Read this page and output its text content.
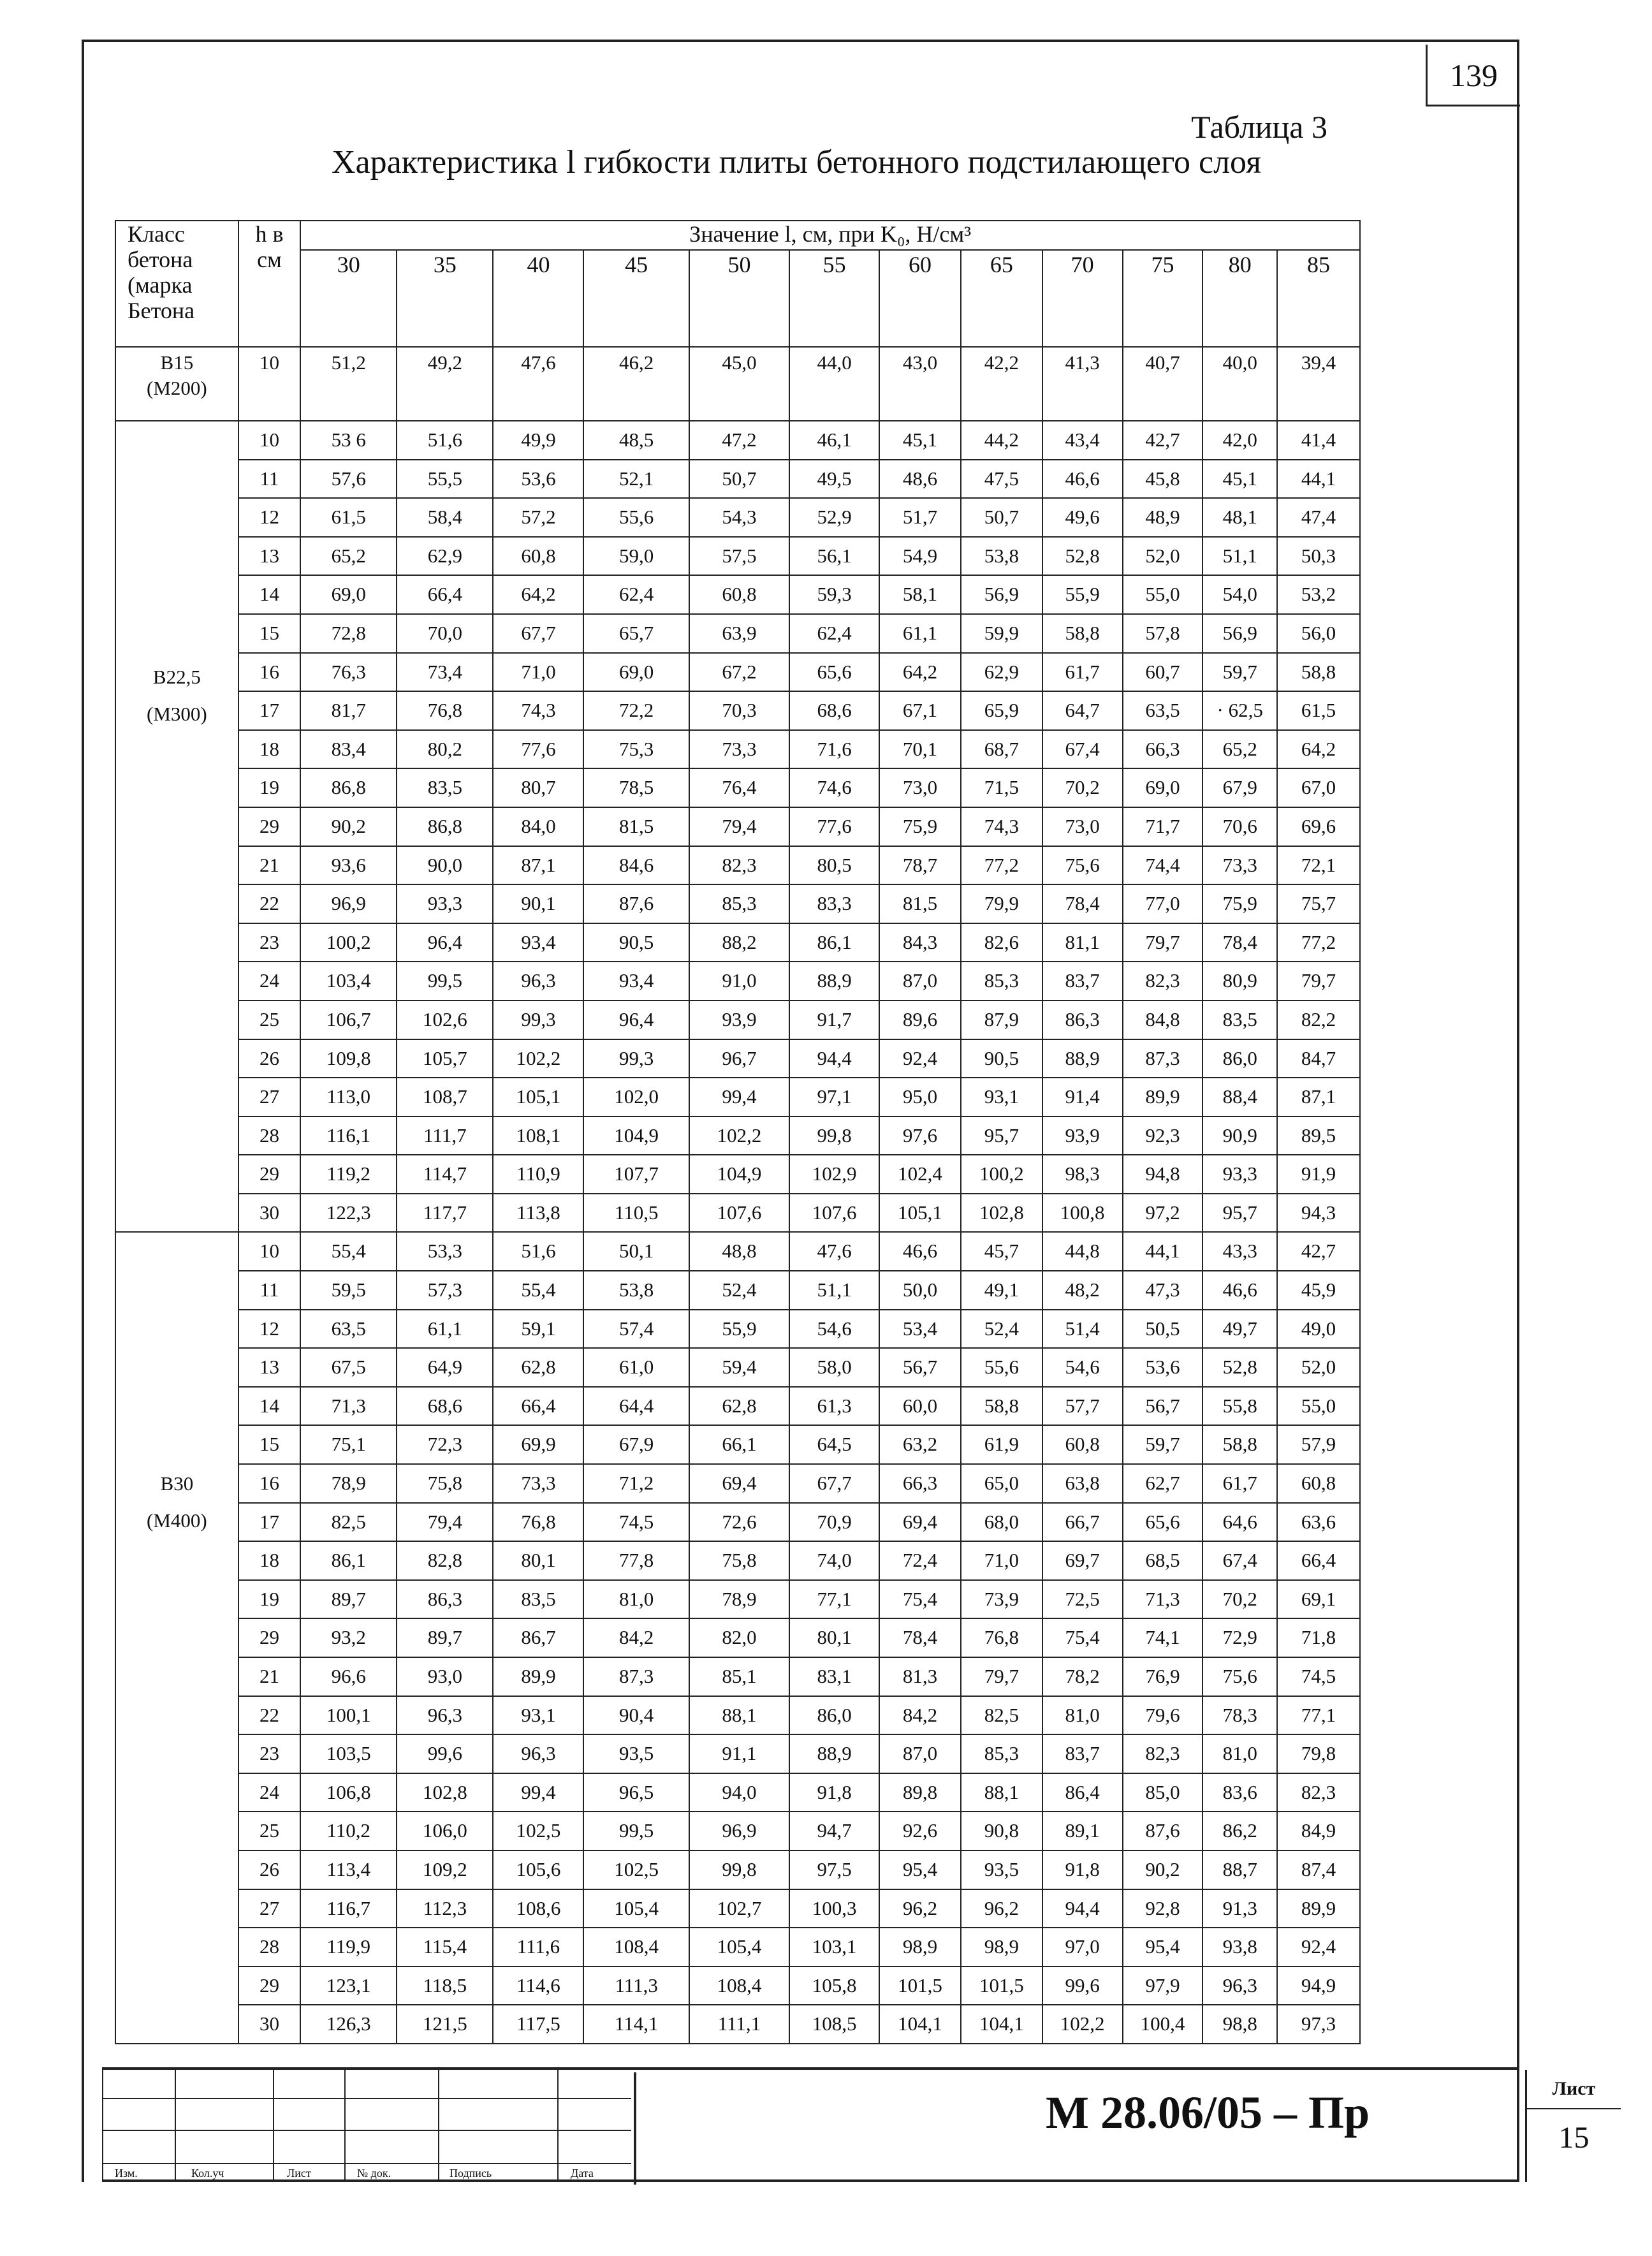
139
Таблица 3
Характеристика l гибкости плиты бетонного подстилающего слоя
Класс
бетона
(марка
Бетона	h в
см	Значение l, см, при K₀, Н/см³											
		30	35	40	45	50	55	60	65	70	75	80	85

В15
(М200)	10	51,2	49,2	47,6	46,2	45,0	44,0	43,0	42,2	41,3	40,7	40,0	39,4

В22,5
(М300)	10	53 6	51,6	49,9	48,5	47,2	46,1	45,1	44,2	43,4	42,7	42,0	41,4
	11	57,6	55,5	53,6	52,1	50,7	49,5	48,6	47,5	46,6	45,8	45,1	44,1
	12	61,5	58,4	57,2	55,6	54,3	52,9	51,7	50,7	49,6	48,9	48,1	47,4
	13	65,2	62,9	60,8	59,0	57,5	56,1	54,9	53,8	52,8	52,0	51,1	50,3
	14	69,0	66,4	64,2	62,4	60,8	59,3	58,1	56,9	55,9	55,0	54,0	53,2
	15	72,8	70,0	67,7	65,7	63,9	62,4	61,1	59,9	58,8	57,8	56,9	56,0
	16	76,3	73,4	71,0	69,0	67,2	65,6	64,2	62,9	61,7	60,7	59,7	58,8
	17	81,7	76,8	74,3	72,2	70,3	68,6	67,1	65,9	64,7	63,5	· 62,5	61,5
	18	83,4	80,2	77,6	75,3	73,3	71,6	70,1	68,7	67,4	66,3	65,2	64,2
	19	86,8	83,5	80,7	78,5	76,4	74,6	73,0	71,5	70,2	69,0	67,9	67,0
	29	90,2	86,8	84,0	81,5	79,4	77,6	75,9	74,3	73,0	71,7	70,6	69,6
	21	93,6	90,0	87,1	84,6	82,3	80,5	78,7	77,2	75,6	74,4	73,3	72,1
	22	96,9	93,3	90,1	87,6	85,3	83,3	81,5	79,9	78,4	77,0	75,9	75,7
	23	100,2	96,4	93,4	90,5	88,2	86,1	84,3	82,6	81,1	79,7	78,4	77,2
	24	103,4	99,5	96,3	93,4	91,0	88,9	87,0	85,3	83,7	82,3	80,9	79,7
	25	106,7	102,6	99,3	96,4	93,9	91,7	89,6	87,9	86,3	84,8	83,5	82,2
	26	109,8	105,7	102,2	99,3	96,7	94,4	92,4	90,5	88,9	87,3	86,0	84,7
	27	113,0	108,7	105,1	102,0	99,4	97,1	95,0	93,1	91,4	89,9	88,4	87,1
	28	116,1	111,7	108,1	104,9	102,2	99,8	97,6	95,7	93,9	92,3	90,9	89,5
	29	119,2	114,7	110,9	107,7	104,9	102,9	102,4	100,2	98,3	94,8	93,3	91,9
	30	122,3	117,7	113,8	110,5	107,6	107,6	105,1	102,8	100,8	97,2	95,7	94,3

В30
(М400)	10	55,4	53,3	51,6	50,1	48,8	47,6	46,6	45,7	44,8	44,1	43,3	42,7
	11	59,5	57,3	55,4	53,8	52,4	51,1	50,0	49,1	48,2	47,3	46,6	45,9
	12	63,5	61,1	59,1	57,4	55,9	54,6	53,4	52,4	51,4	50,5	49,7	49,0
	13	67,5	64,9	62,8	61,0	59,4	58,0	56,7	55,6	54,6	53,6	52,8	52,0
	14	71,3	68,6	66,4	64,4	62,8	61,3	60,0	58,8	57,7	56,7	55,8	55,0
	15	75,1	72,3	69,9	67,9	66,1	64,5	63,2	61,9	60,8	59,7	58,8	57,9
	16	78,9	75,8	73,3	71,2	69,4	67,7	66,3	65,0	63,8	62,7	61,7	60,8
	17	82,5	79,4	76,8	74,5	72,6	70,9	69,4	68,0	66,7	65,6	64,6	63,6
	18	86,1	82,8	80,1	77,8	75,8	74,0	72,4	71,0	69,7	68,5	67,4	66,4
	19	89,7	86,3	83,5	81,0	78,9	77,1	75,4	73,9	72,5	71,3	70,2	69,1
	29	93,2	89,7	86,7	84,2	82,0	80,1	78,4	76,8	75,4	74,1	72,9	71,8
	21	96,6	93,0	89,9	87,3	85,1	83,1	81,3	79,7	78,2	76,9	75,6	74,5
	22	100,1	96,3	93,1	90,4	88,1	86,0	84,2	82,5	81,0	79,6	78,3	77,1
	23	103,5	99,6	96,3	93,5	91,1	88,9	87,0	85,3	83,7	82,3	81,0	79,8
	24	106,8	102,8	99,4	96,5	94,0	91,8	89,8	88,1	86,4	85,0	83,6	82,3
	25	110,2	106,0	102,5	99,5	96,9	94,7	92,6	90,8	89,1	87,6	86,2	84,9
	26	113,4	109,2	105,6	102,5	99,8	97,5	95,4	93,5	91,8	90,2	88,7	87,4
	27	116,7	112,3	108,6	105,4	102,7	100,3	96,2	96,2	94,4	92,8	91,3	89,9
	28	119,9	115,4	111,6	108,4	105,4	103,1	98,9	98,9	97,0	95,4	93,8	92,4
	29	123,1	118,5	114,6	111,3	108,4	105,8	101,5	101,5	99,6	97,9	96,3	94,9
	30	126,3	121,5	117,5	114,1	111,1	108,5	104,1	104,1	102,2	100,4	98,8	97,3
Изм.	Кол.уч	Лист	№ док.	Подпись	Дата
М 28.06/05 – Пр	Лист
15
